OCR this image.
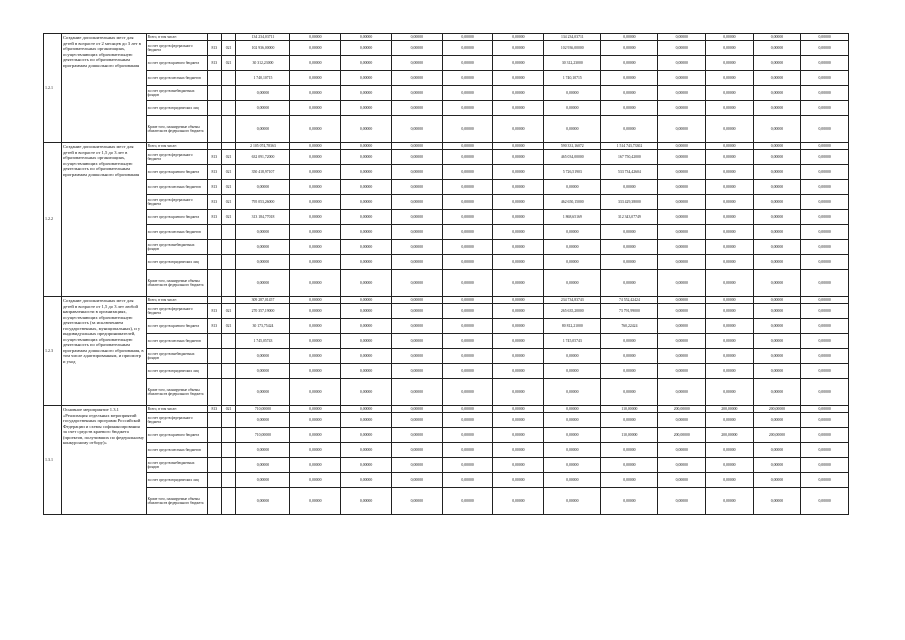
1.2.1	Создание дополнительных мест для детей в возрасте от 2 месяцев до 3 лет в образовательных организациях, осуществляющих образовательную деятельность по образовательным программам дошкольного образования	Всего, в том числе:			134 234,03711	0,00000	0,00000	0,00000	0,00000	0,00000	134 234,03711	0,00000	0,00000	0,00000	0,00000	0,00000
		за счет средств федерального бюджета	813	021	102 936,00000	0,00000	0,00000	0,00000	0,00000	0,00000	102 936,00000	0,00000	0,00000	0,00000	0,00000	0,00000
		за счет средств краевого бюджета	813	021	30 312,23000	0,00000	0,00000	0,00000	0,00000	0,00000	30 312,23000	0,00000	0,00000	0,00000	0,00000	0,00000
		за счет средств местных бюджетов			1 740,10715	0,00000	0,00000	0,00000	0,00000	0,00000	1 740,10715	0,00000	0,00000	0,00000	0,00000	0,00000
		за счет средств внебюджетных фондов			0,00000	0,00000	0,00000	0,00000	0,00000	0,00000	0,00000	0,00000	0,00000	0,00000	0,00000	0,00000
		за счет средств юридических лиц			0,00000	0,00000	0,00000	0,00000	0,00000	0,00000	0,00000	0,00000	0,00000	0,00000	0,00000	0,00000
		Кроме того, планируемые объемы обязательств федерального бюджета			0,00000	0,00000	0,00000	0,00000	0,00000	0,00000	0,00000	0,00000	0,00000	0,00000	0,00000	0,00000
1.2.2	Создание дополнительных мест для детей в возрасте от 1,5 до 3 лет в образовательных организациях, осуществляющих образовательную деятельность по образовательным программам дошкольного образования	Всего, в том числе:			2 105 074,78363	0,00000	0,00000	0,00000	0,00000	0,00000	590 331,16072	1 514 743,73302	0,00000	0,00000	0,00000	0,00000
		за счет средств федерального бюджета	813	021	632 091,72000	0,00000	0,00000	0,00000	0,00000	0,00000	465 034,00000	167 750,42000	0,00000	0,00000	0,00000	0,00000
		за счет средств краевого бюджета	813	021	350 418,97107	0,00000	0,00000	0,00000	0,00000	0,00000	5 726,51903	533 734,42604	0,00000	0,00000	0,00000	0,00000
		за счет средств местных бюджетов	813	021	0,00000	0,00000	0,00000	0,00000	0,00000	0,00000	0,00000	0,00000	0,00000	0,00000	0,00000	0,00000
		за счет средств федерального бюджета	813	021	795 053,26000	0,00000	0,00000	0,00000	0,00000	0,00000	462 650,15000	333 429,38000	0,00000	0,00000	0,00000	0,00000
		за счет средств краевого бюджета	813	021	313 184,77018	0,00000	0,00000	0,00000	0,00000	0,00000	1 868,65169	312 343,07749	0,00000	0,00000	0,00000	0,00000
		за счет средств местных бюджетов			0,00000	0,00000	0,00000	0,00000	0,00000	0,00000	0,00000	0,00000	0,00000	0,00000	0,00000	0,00000
		за счет средств внебюджетных фондов			0,00000	0,00000	0,00000	0,00000	0,00000	0,00000	0,00000	0,00000	0,00000	0,00000	0,00000	0,00000
		за счет средств юридических лиц			0,00000	0,00000	0,00000	0,00000	0,00000	0,00000	0,00000	0,00000	0,00000	0,00000	0,00000	0,00000
		Кроме того, планируемые объемы обязательств федерального бюджета			0,00000	0,00000	0,00000	0,00000	0,00000	0,00000	0,00000	0,00000	0,00000	0,00000	0,00000	0,00000
1.2.3	Создание дополнительных мест для детей в возрасте от 1,5 до 3 лет любой направленности в организациях, осуществляющих образовательную деятельность (за исключением государственных, муниципальных), и у индивидуальных предпринимателей, осуществляющих образовательную деятельность по образовательным программам дошкольного образования, в том числе адаптированным, и присмотр и уход	Всего, в том числе:			309 287,01457	0,00000	0,00000	0,00000	0,00000	0,00000	234 734,83743	74 552,42424	0,00000	0,00000	0,00000	0,00000
		за счет средств федерального бюджета	813	021	270 357,19000	0,00000	0,00000	0,00000	0,00000	0,00000	265 635,20000	73 791,99000	0,00000	0,00000	0,00000	0,00000
		за счет средств краевого бюджета	813	021	30 173,75424	0,00000	0,00000	0,00000	0,00000	0,00000	80 812,21000	760,22424	0,00000	0,00000	0,00000	0,00000
		за счет средств местных бюджетов			1 745,05743	0,00000	0,00000	0,00000	0,00000	0,00000	1 745,05743	0,00000	0,00000	0,00000	0,00000	0,00000
		за счет средств внебюджетных фондов			0,00000	0,00000	0,00000	0,00000	0,00000	0,00000	0,00000	0,00000	0,00000	0,00000	0,00000	0,00000
		за счет средств юридических лиц			0,00000	0,00000	0,00000	0,00000	0,00000	0,00000	0,00000	0,00000	0,00000	0,00000	0,00000	0,00000
		Кроме того, планируемые объемы обязательств федерального бюджета			0,00000	0,00000	0,00000	0,00000	0,00000	0,00000	0,00000	0,00000	0,00000	0,00000	0,00000	0,00000
1.3.1	Основное мероприятие 1.3.1 «Реализация отдельных мероприятий государственных программ Российской Федерации и схемы софинансирования за счет средств краевого бюджета (проектов, получивших по федеральному конкурсному отбору)»	Всего, в том числе:	813	021	710,00000	0,00000	0,00000	0,00000	0,00000	0,00000	0,00000	110,00000	200,00000	200,00000	200,00000	0,00000
		за счет средств федерального бюджета			0,00000	0,00000	0,00000	0,00000	0,00000	0,00000	0,00000	0,00000	0,00000	0,00000	0,00000	0,00000
		за счет средств краевого бюджета			710,00000	0,00000	0,00000	0,00000	0,00000	0,00000	0,00000	110,00000	200,00000	200,00000	200,00000	0,00000
		за счет средств местных бюджетов			0,00000	0,00000	0,00000	0,00000	0,00000	0,00000	0,00000	0,00000	0,00000	0,00000	0,00000	0,00000
		за счет средств внебюджетных фондов			0,00000	0,00000	0,00000	0,00000	0,00000	0,00000	0,00000	0,00000	0,00000	0,00000	0,00000	0,00000
		за счет средств юридических лиц			0,00000	0,00000	0,00000	0,00000	0,00000	0,00000	0,00000	0,00000	0,00000	0,00000	0,00000	0,00000
		Кроме того, планируемые объемы обязательств федерального бюджета			0,00000	0,00000	0,00000	0,00000	0,00000	0,00000	0,00000	0,00000	0,00000	0,00000	0,00000	0,00000
